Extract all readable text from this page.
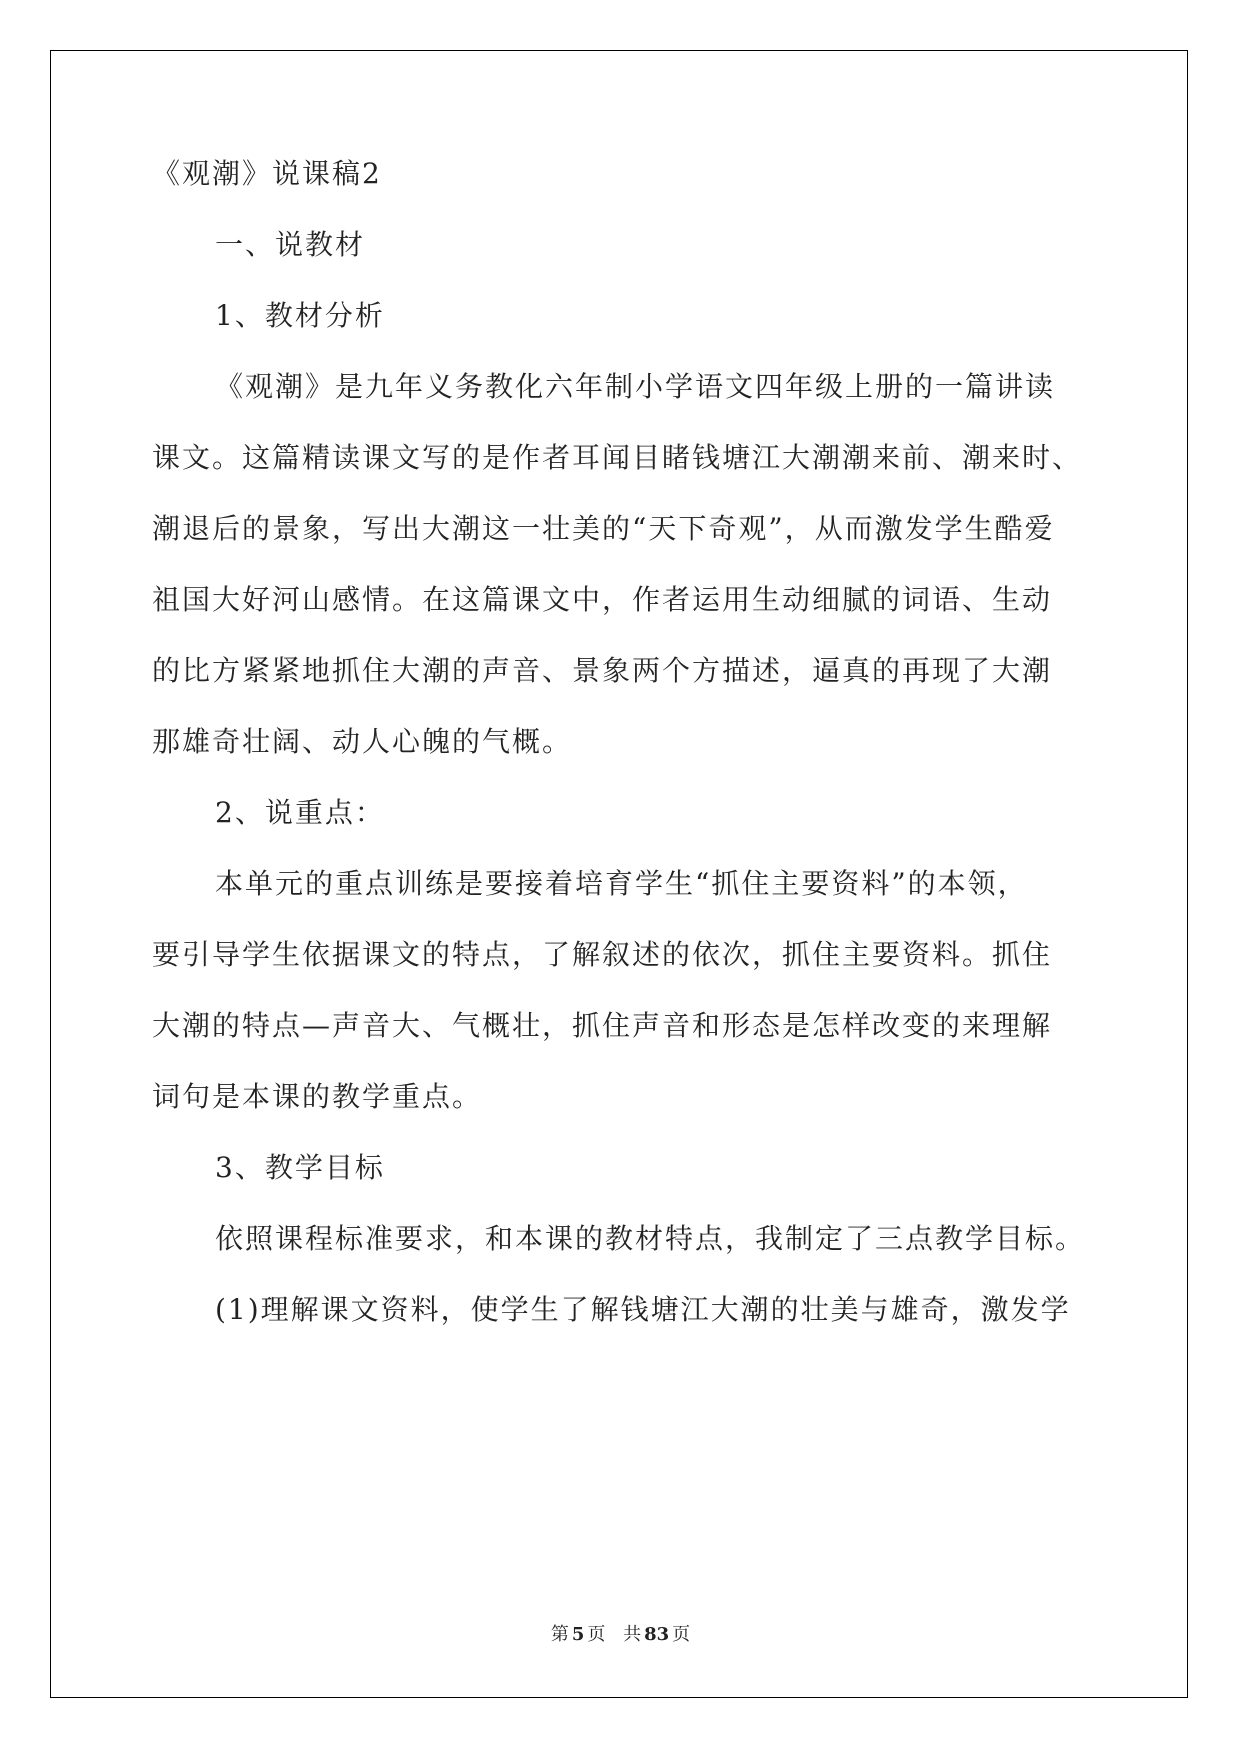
《观潮》说课稿2

一、说教材

1、教材分析

《观潮》是九年义务教化六年制小学语文四年级上册的一篇讲读

课文。这篇精读课文写的是作者耳闻目睹钱塘江大潮潮来前、潮来时、

潮退后的景象，写出大潮这一壮美的“天下奇观”，从而激发学生酷爱

祖国大好河山感情。在这篇课文中，作者运用生动细腻的词语、生动

的比方紧紧地抓住大潮的声音、景象两个方描述，逼真的再现了大潮

那雄奇壮阔、动人心魄的气概。

2、说重点：

本单元的重点训练是要接着培育学生“抓住主要资料”的本领，

要引导学生依据课文的特点，了解叙述的依次，抓住主要资料。抓住

大潮的特点—声音大、气概壮，抓住声音和形态是怎样改变的来理解

词句是本课的教学重点。

3、教学目标

依照课程标准要求，和本课的教材特点，我制定了三点教学目标。

(1)理解课文资料，使学生了解钱塘江大潮的壮美与雄奇，激发学

第 5 页 共 83 页
